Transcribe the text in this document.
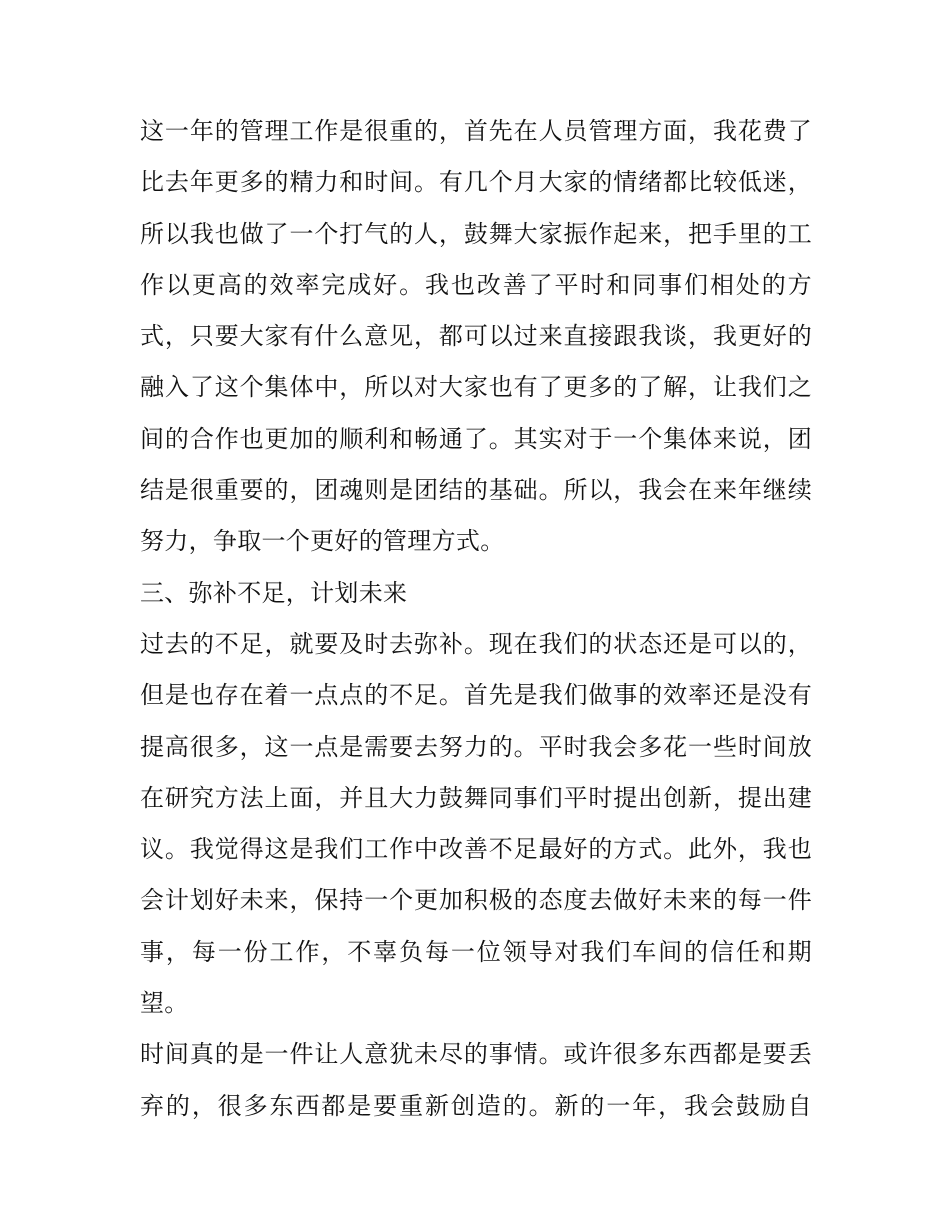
这一年的管理工作是很重的，首先在人员管理方面，我花费了
比去年更多的精力和时间。有几个月大家的情绪都比较低迷，
所以我也做了一个打气的人，鼓舞大家振作起来，把手里的工
作以更高的效率完成好。我也改善了平时和同事们相处的方
式，只要大家有什么意见，都可以过来直接跟我谈，我更好的
融入了这个集体中，所以对大家也有了更多的了解，让我们之
间的合作也更加的顺利和畅通了。其实对于一个集体来说，团
结是很重要的，团魂则是团结的基础。所以，我会在来年继续
努力，争取一个更好的管理方式。
三、弥补不足，计划未来
过去的不足，就要及时去弥补。现在我们的状态还是可以的，
但是也存在着一点点的不足。首先是我们做事的效率还是没有
提高很多，这一点是需要去努力的。平时我会多花一些时间放
在研究方法上面，并且大力鼓舞同事们平时提出创新，提出建
议。我觉得这是我们工作中改善不足最好的方式。此外，我也
会计划好未来，保持一个更加积极的态度去做好未来的每一件
事，每一份工作，不辜负每一位领导对我们车间的信任和期
望。
时间真的是一件让人意犹未尽的事情。或许很多东西都是要丢
弃的，很多东西都是要重新创造的。新的一年，我会鼓励自
